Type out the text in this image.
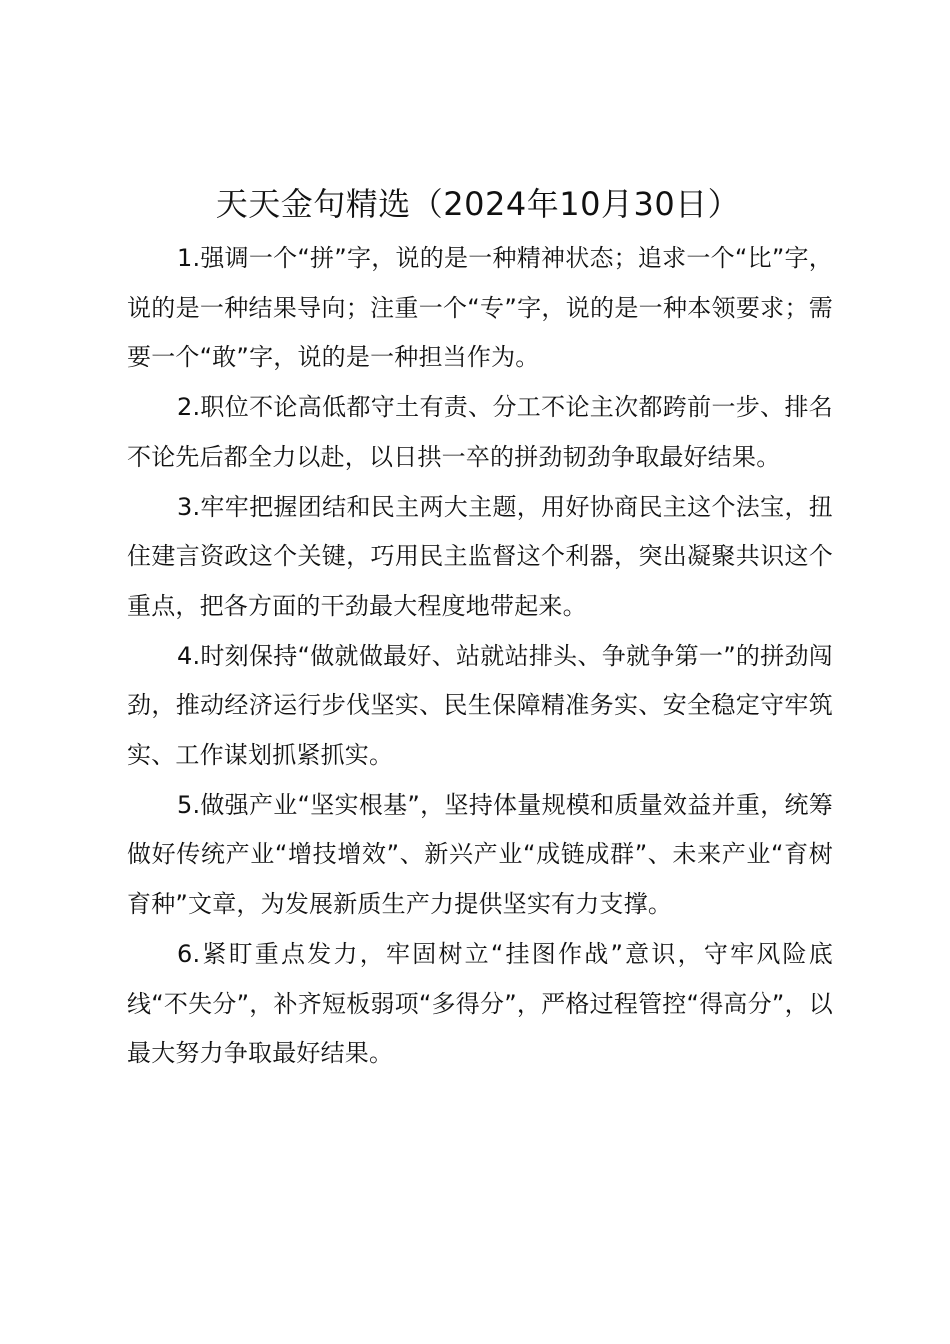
天天金句精选（2024年10月30日）

1.强调一个“拼”字，说的是一种精神状态；追求一个“比”字，说的是一种结果导向；注重一个“专”字，说的是一种本领要求；需要一个“敢”字，说的是一种担当作为。

2.职位不论高低都守土有责、分工不论主次都跨前一步、排名不论先后都全力以赴，以日拱一卒的拼劲韧劲争取最好结果。

3.牢牢把握团结和民主两大主题，用好协商民主这个法宝，扭住建言资政这个关键，巧用民主监督这个利器，突出凝聚共识这个重点，把各方面的干劲最大程度地带起来。

4.时刻保持“做就做最好、站就站排头、争就争第一”的拼劲闯劲，推动经济运行步伐坚实、民生保障精准务实、安全稳定守牢筑实、工作谋划抓紧抓实。

5.做强产业“坚实根基”，坚持体量规模和质量效益并重，统筹做好传统产业“增技增效”、新兴产业“成链成群”、未来产业“育树育种”文章，为发展新质生产力提供坚实有力支撑。

6.紧盯重点发力，牢固树立“挂图作战”意识，守牢风险底线“不失分”，补齐短板弱项“多得分”，严格过程管控“得高分”，以最大努力争取最好结果。
